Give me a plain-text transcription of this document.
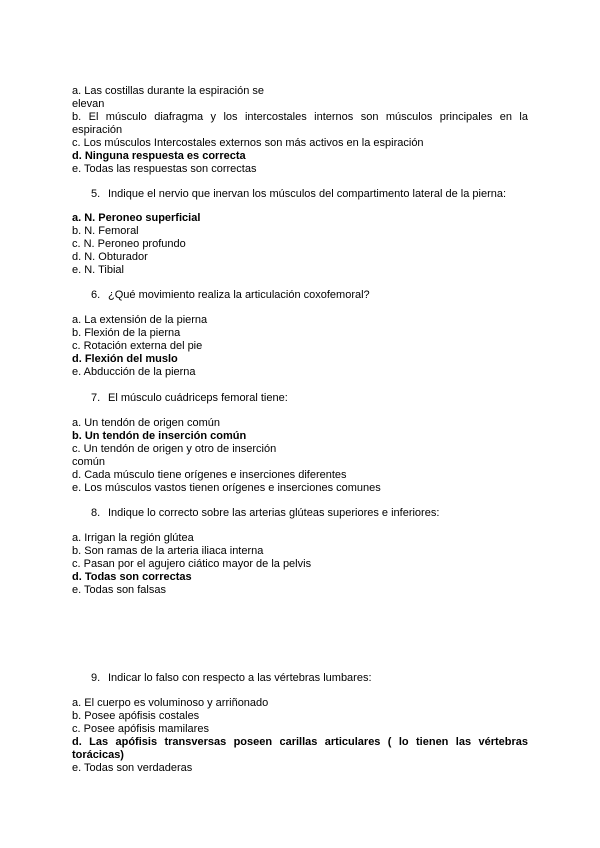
a. Las costillas durante la espiración se
elevan
b. El músculo diafragma y los intercostales internos son músculos principales en la
espiración
c. Los músculos Intercostales externos son más activos en la espiración
d. Ninguna respuesta es correcta
e. Todas las respuestas son correctas
5. Indique el nervio que inervan los músculos del compartimento lateral de la pierna:
a. N. Peroneo superficial
b. N. Femoral
c. N. Peroneo profundo
d. N. Obturador
e. N. Tibial
6. ¿Qué movimiento realiza la articulación coxofemoral?
a. La extensión de la pierna
b. Flexión de la pierna
c. Rotación externa del pie
d. Flexión del muslo
e. Abducción de la pierna
7. El músculo cuádriceps femoral tiene:
a. Un tendón de origen común
b. Un tendón de inserción común
c. Un tendón de origen y otro de inserción
común
d. Cada músculo tiene orígenes e inserciones diferentes
e. Los músculos vastos tienen orígenes e inserciones comunes
8. Indique lo correcto sobre las arterias glúteas superiores e inferiores:
a. Irrigan la región glútea
b. Son ramas de la arteria iliaca interna
c. Pasan por el agujero ciático mayor de la pelvis
d. Todas son correctas
e. Todas son falsas
9. Indicar lo falso con respecto a las vértebras lumbares:
a. El cuerpo es voluminoso y arriñonado
b. Posee apófisis costales
c. Posee apófisis mamilares
d. Las apófisis transversas poseen carillas articulares ( lo tienen las vértebras
torácicas)
e. Todas son verdaderas
